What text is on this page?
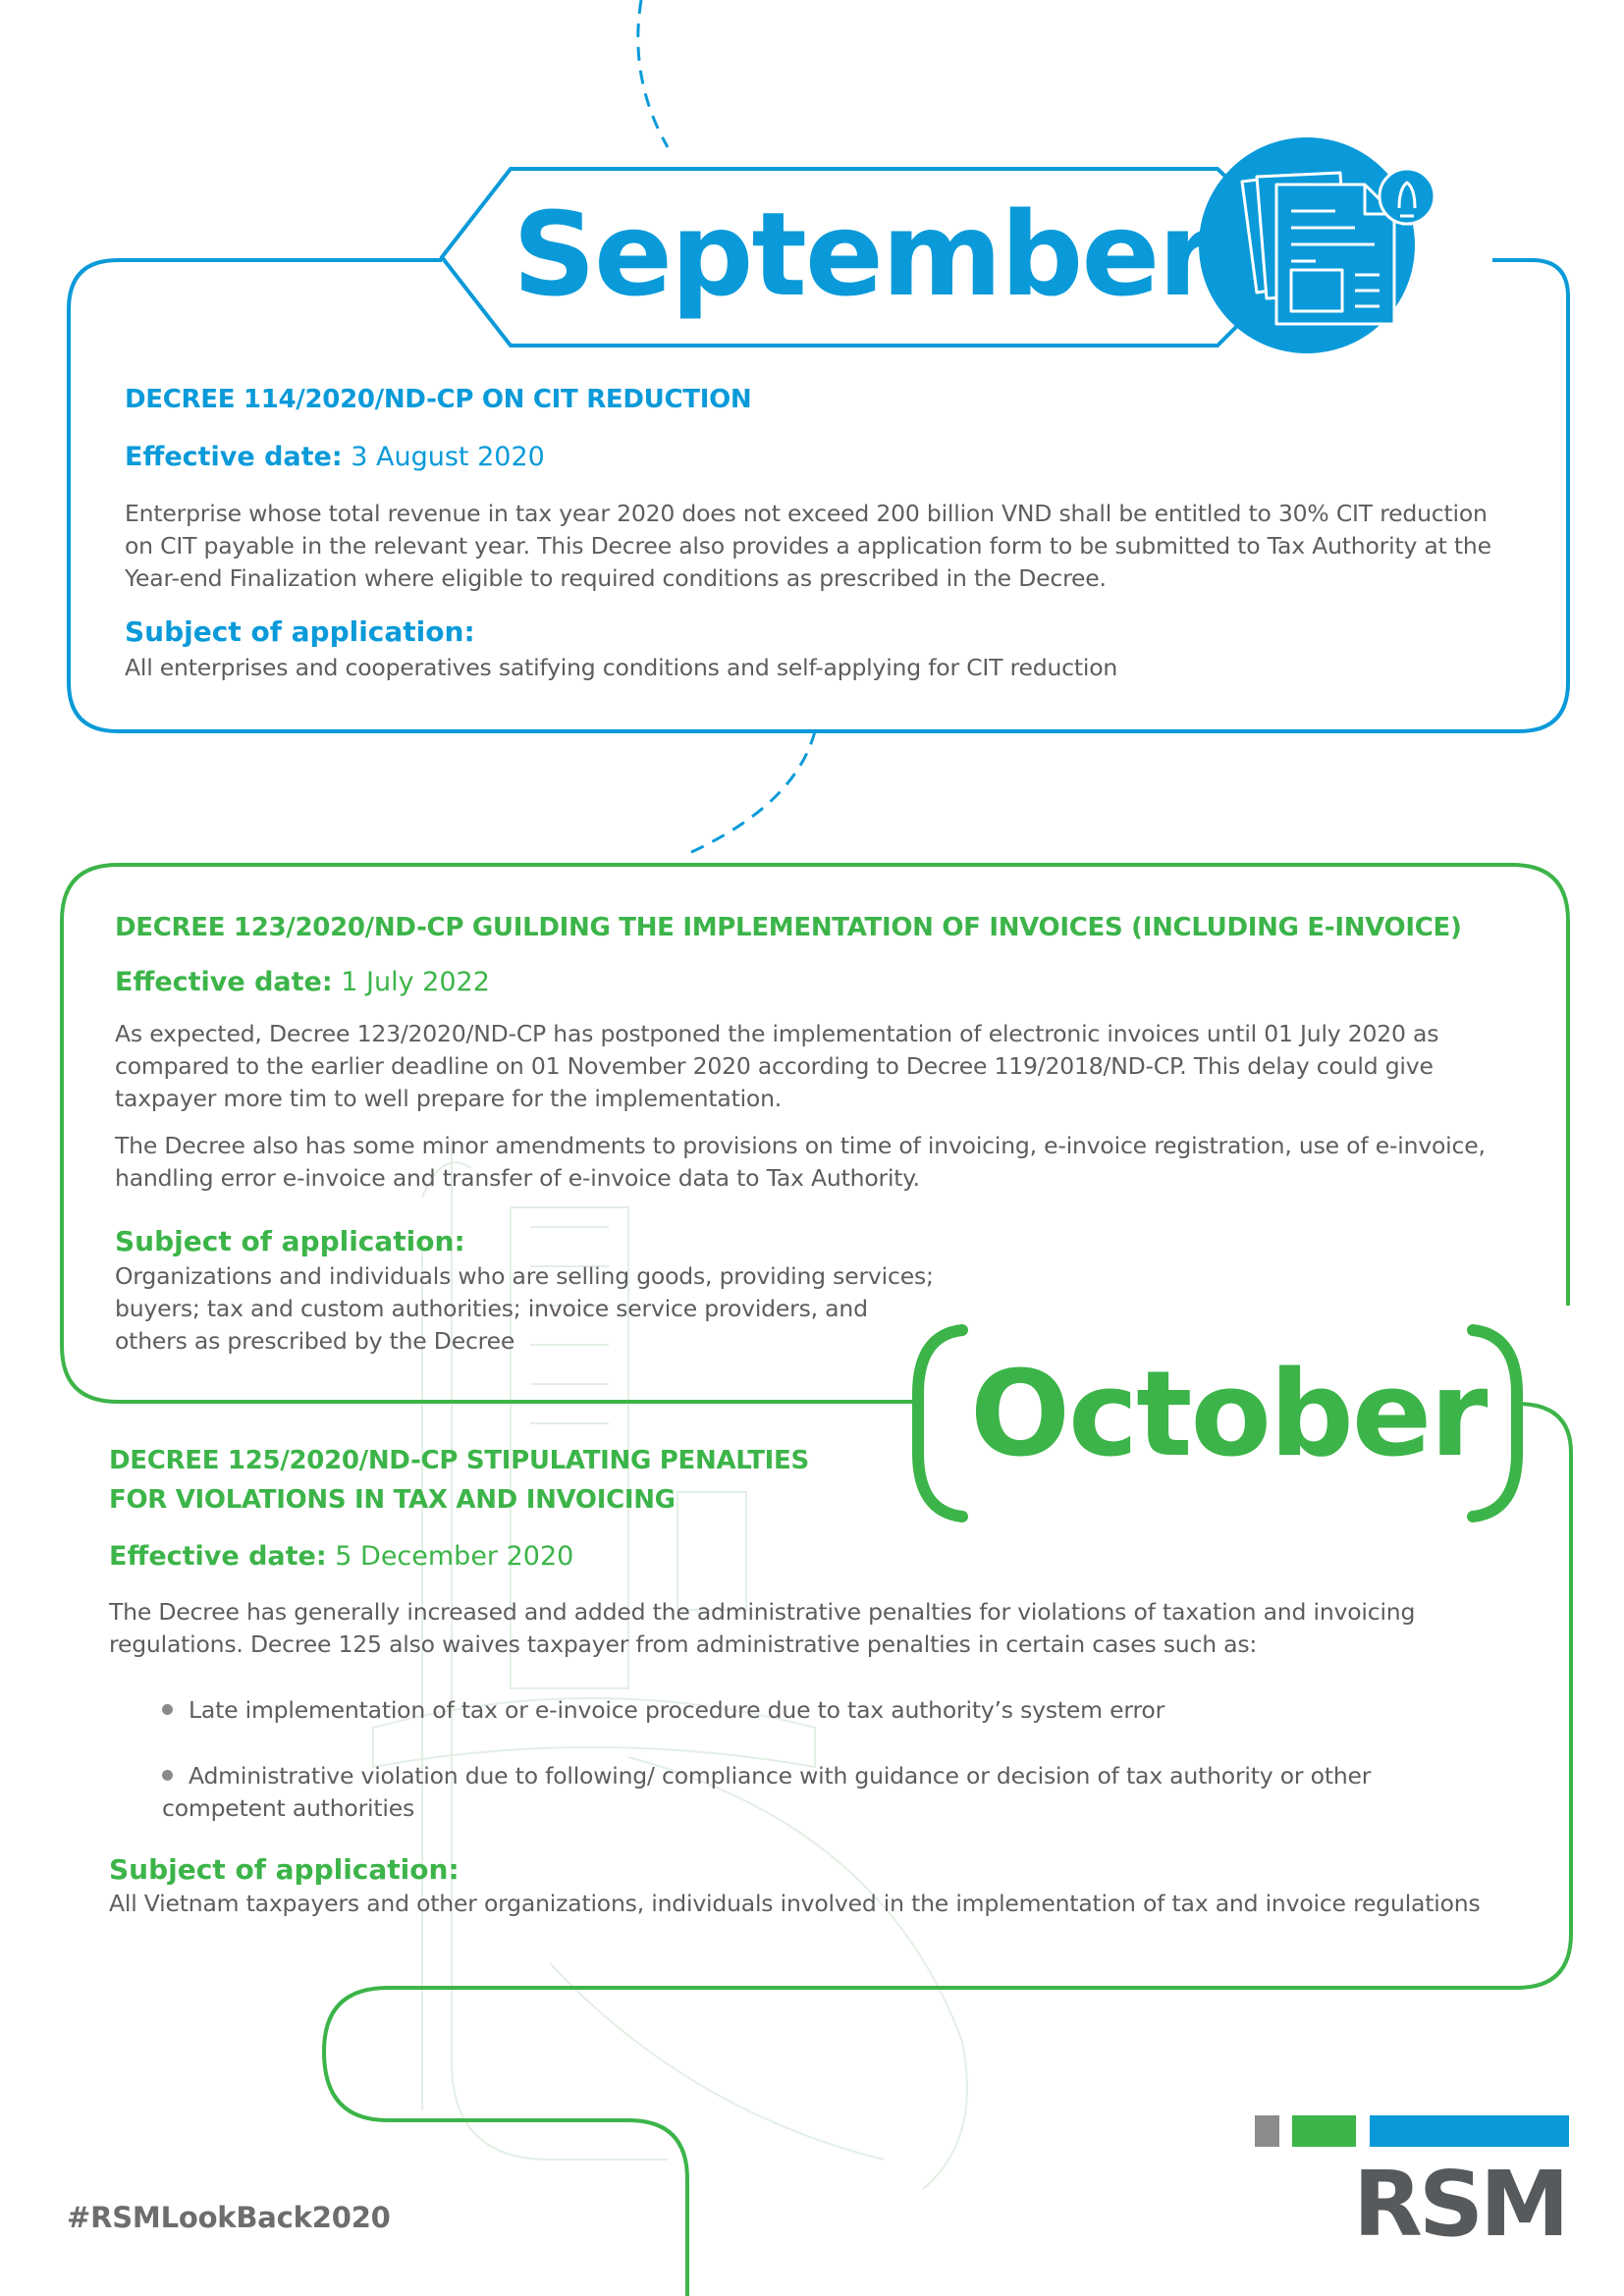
September
DECREE 114/2020/ND-CP ON CIT REDUCTION
Effective date: 3 August 2020
Enterprise whose total revenue in tax year 2020 does not exceed 200 billion VND shall be entitled to 30% CIT reduction on CIT payable in the relevant year. This Decree also provides a application form to be submitted to Tax Authority at the Year-end Finalization where eligible to required conditions as prescribed in the Decree.
Subject of application:
All enterprises and cooperatives satifying conditions and self-applying for CIT reduction
DECREE 123/2020/ND-CP GUILDING THE IMPLEMENTATION OF INVOICES (INCLUDING E-INVOICE)
Effective date: 1 July 2022
As expected, Decree 123/2020/ND-CP has postponed the implementation of electronic invoices until 01 July 2020 as compared to the earlier deadline on 01 November 2020 according to Decree 119/2018/ND-CP. This delay could give taxpayer more tim to well prepare for the implementation.
The Decree also has some minor amendments to provisions on time of invoicing, e-invoice registration, use of e-invoice, handling error e-invoice and transfer of e-invoice data to Tax Authority.
Subject of application:
Organizations and individuals who are selling goods, providing services;
buyers; tax and custom authorities; invoice service providers, and
others as prescribed by the Decree
October
DECREE 125/2020/ND-CP STIPULATING PENALTIES
FOR VIOLATIONS IN TAX AND INVOICING
Effective date: 5 December 2020
The Decree has generally increased and added the administrative penalties for violations of taxation and invoicing regulations. Decree 125 also waives taxpayer from administrative penalties in certain cases such as:
Late implementation of tax or e-invoice procedure due to tax authority’s system error
Administrative violation due to following/ compliance with guidance or decision of tax authority or other competent authorities
Subject of application:
All Vietnam taxpayers and other organizations, individuals involved in the implementation of tax and invoice regulations
#RSMLookBack2020	RSM
